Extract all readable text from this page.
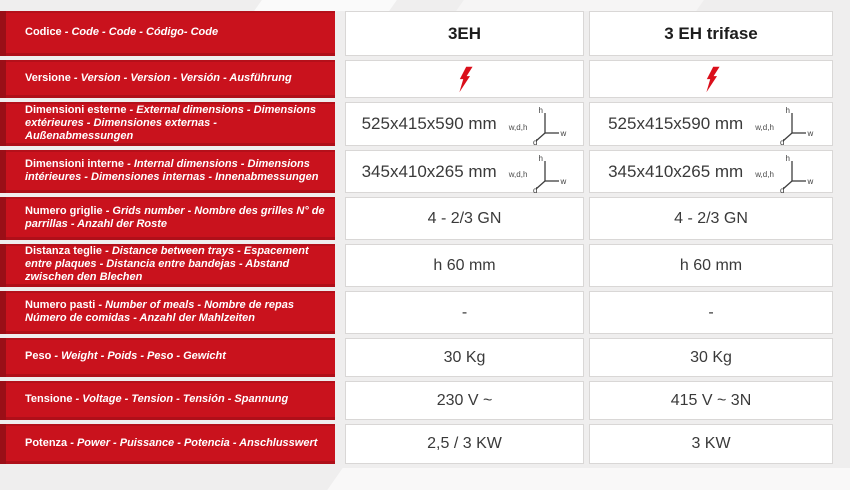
Codice - Code - Code - Código- Code	3EH	3 EH trifase
Versione - Version - Version - Versión - Ausführung
Dimensioni esterne - External dimensions - Dimensions extérieures - Dimensiones externas - Außenabmessungen
525x415x590 mm w,d,h
h
w
d
525x415x590 mm w,d,h
h
w
d
Dimensioni interne - Internal dimensions - Dimensions intérieures - Dimensiones internas - Innenabmessungen	345x410x265 mm w,d,h
h
w
d
345x410x265 mm w,d,h
h
w
d
Numero griglie - Grids number - Nombre des grilles N° de parrillas - Anzahl der Roste	4 - 2/3 GN	4 - 2/3 GN
Distanza teglie - Distance between trays - Espacement entre plaques - Distancia entre bandejas - Abstand zwischen den Blechen
h 60 mm	h 60 mm
Numero pasti - Number of meals - Nombre de repas Número de comidas - Anzahl der Mahlzeiten	-	-
Peso - Weight - Poids - Peso - Gewicht	30 Kg	30 Kg
Tensione - Voltage - Tension - Tensión - Spannung	230 V ~	415 V ~ 3N
Potenza - Power - Puissance - Potencia - Anschlusswert	2,5 / 3 KW	3 KW
